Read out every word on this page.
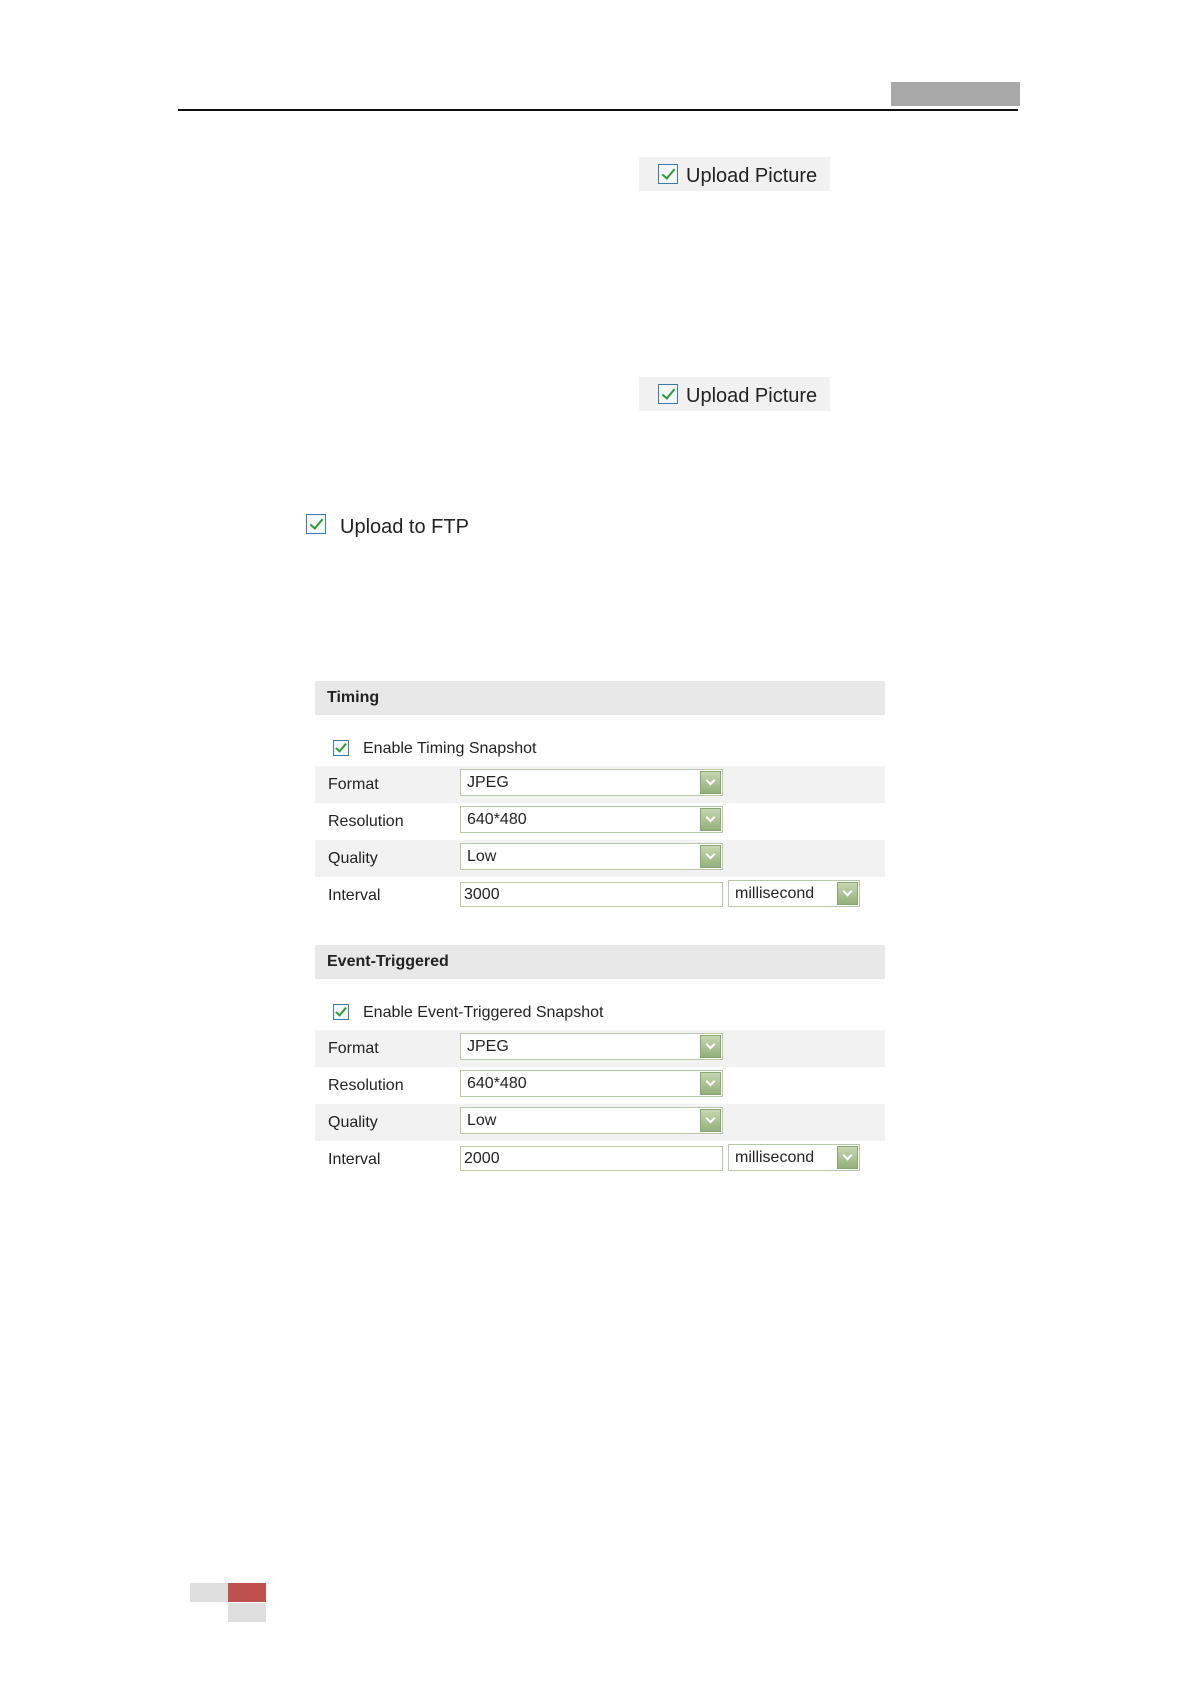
Upload Picture
Upload Picture
Upload to FTP
Timing
Enable Timing Snapshot
Format	JPEG
Resolution	640*480
Quality	Low
Interval	3000	millisecond
Event-Triggered
Enable Event-Triggered Snapshot
Format	JPEG
Resolution	640*480
Quality	Low
Interval	2000	millisecond
